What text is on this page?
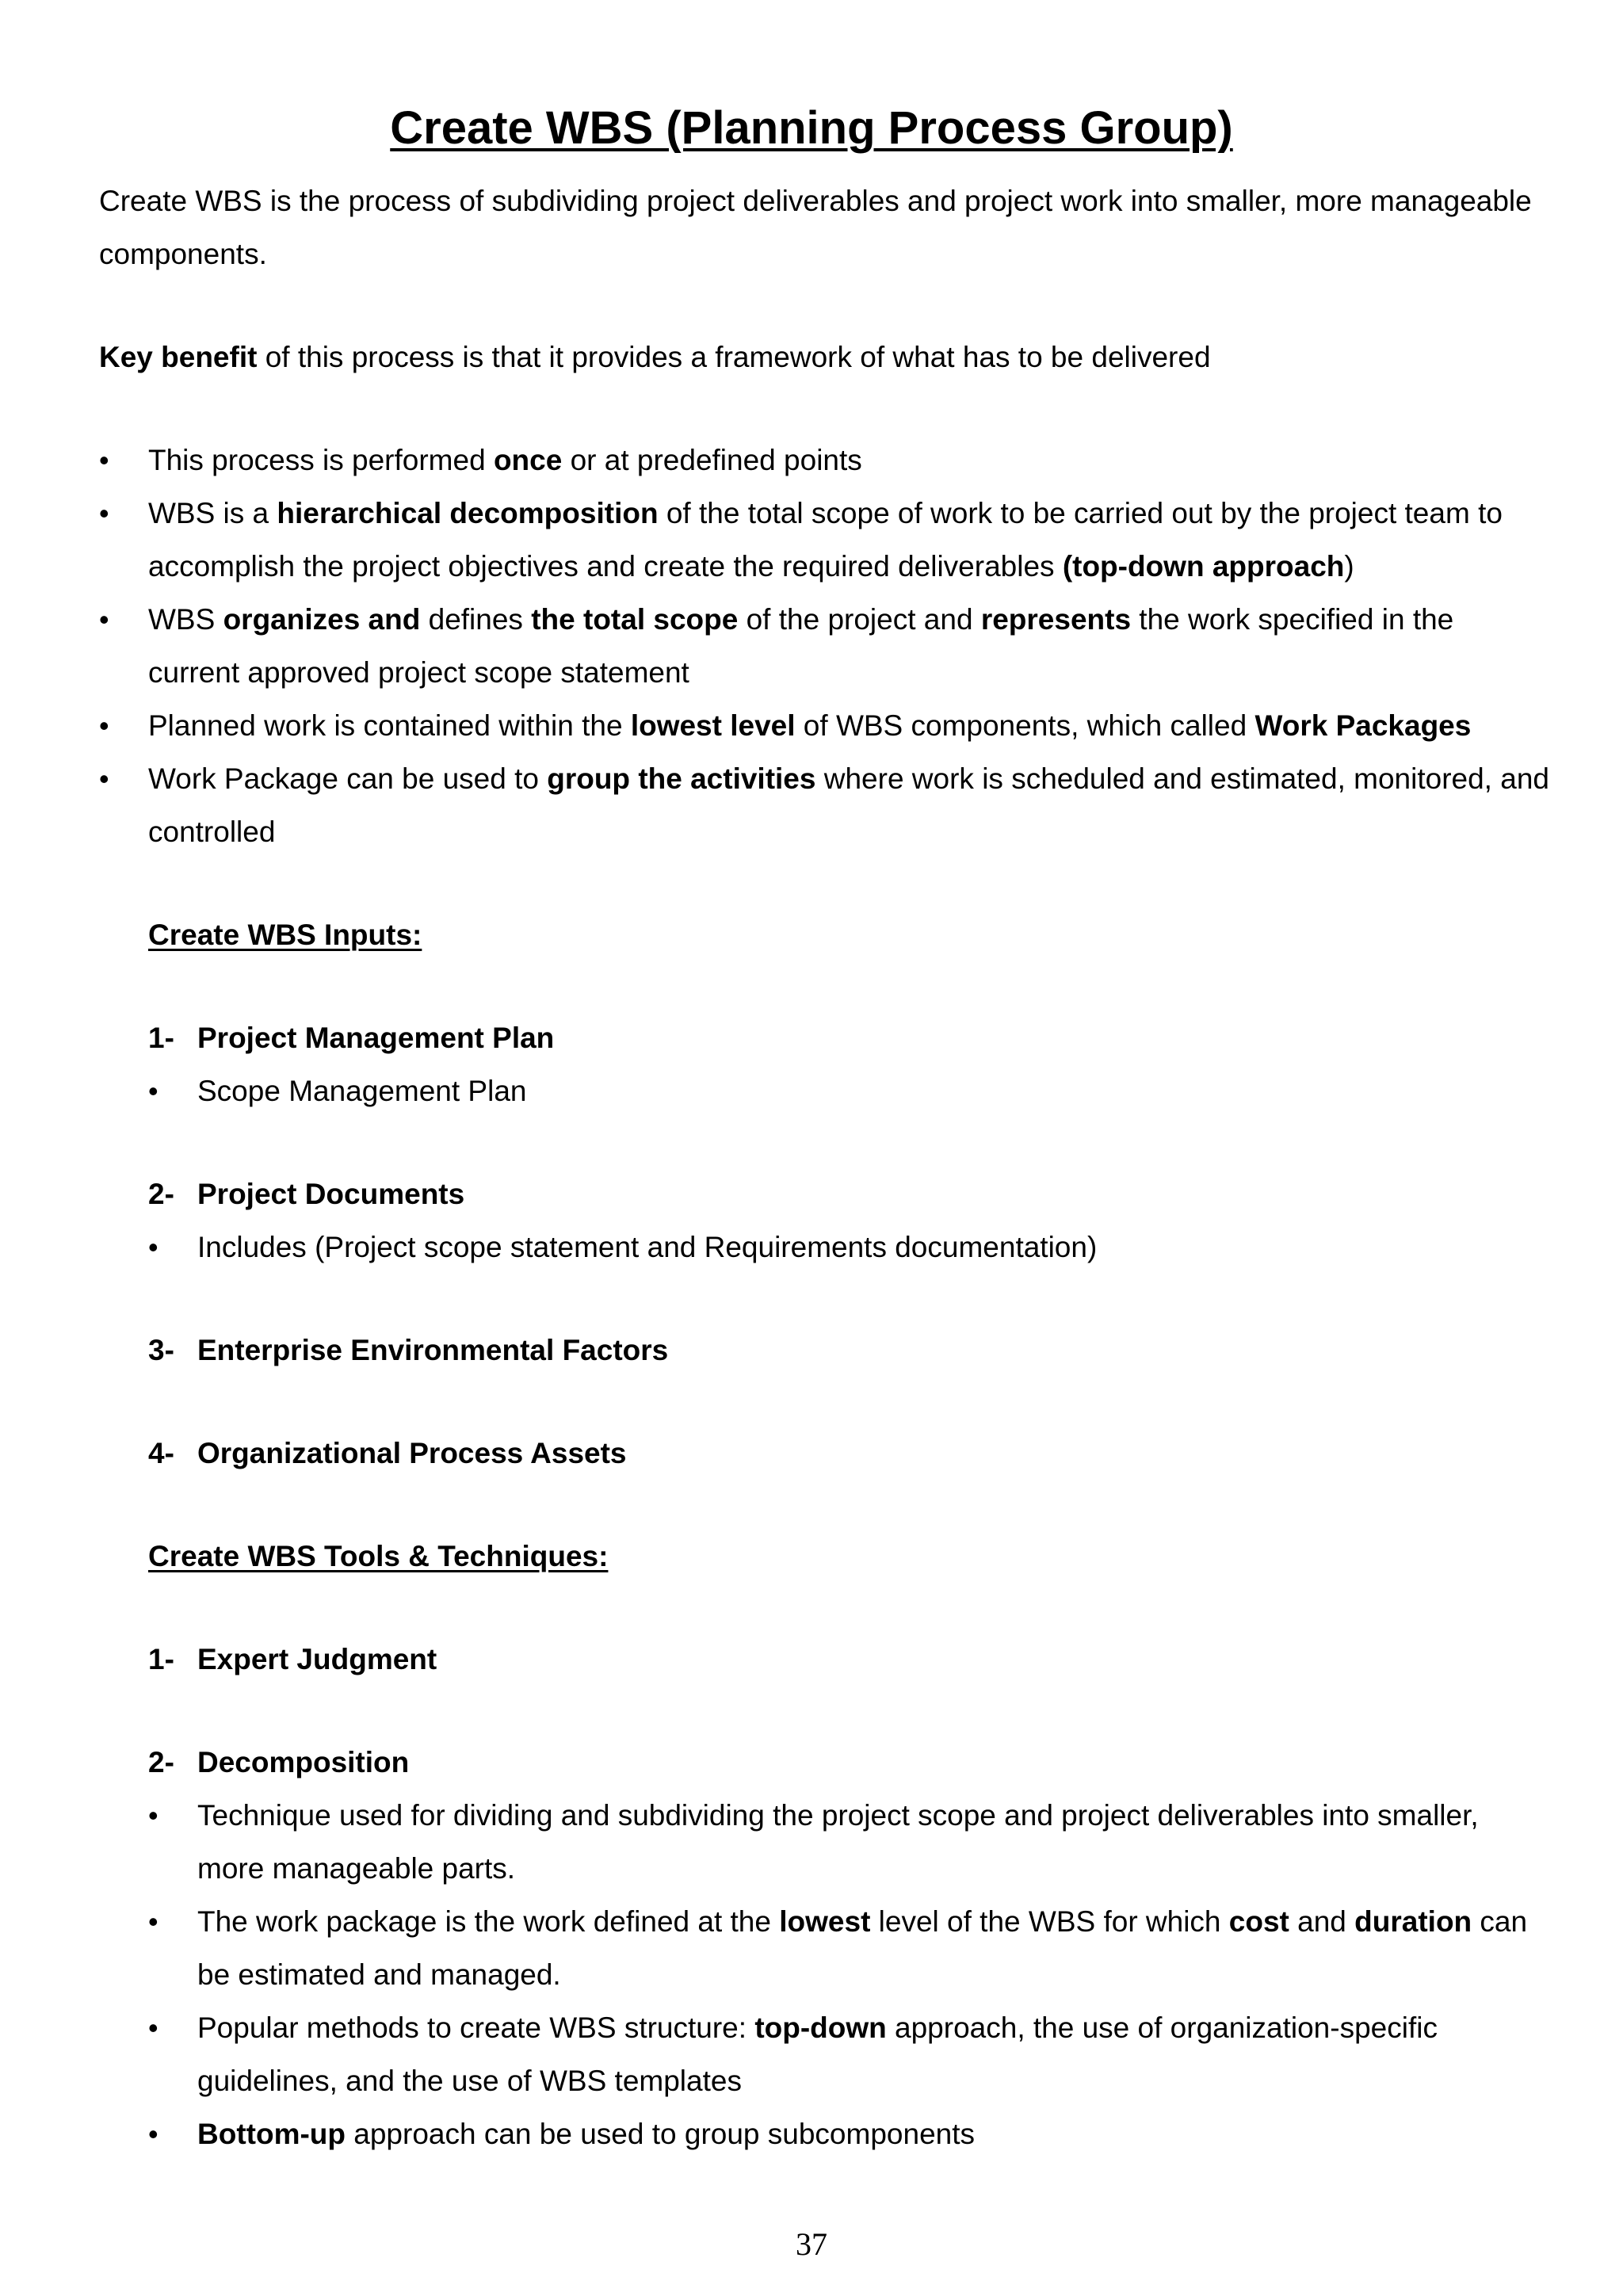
Create WBS (Planning Process Group)

Create WBS is the process of subdividing project deliverables and project work into smaller, more manageable components.

Key benefit of this process is that it provides a framework of what has to be delivered

• This process is performed once or at predefined points
• WBS is a hierarchical decomposition of the total scope of work to be carried out by the project team to accomplish the project objectives and create the required deliverables (top-down approach)
• WBS organizes and defines the total scope of the project and represents the work specified in the current approved project scope statement
• Planned work is contained within the lowest level of WBS components, which called Work Packages
• Work Package can be used to group the activities where work is scheduled and estimated, monitored, and controlled
Create WBS Inputs:
1- Project Management Plan
• Scope Management Plan
2- Project Documents
• Includes (Project scope statement and Requirements documentation)
3- Enterprise Environmental Factors
4- Organizational Process Assets
Create WBS Tools & Techniques:
1- Expert Judgment
2- Decomposition
• Technique used for dividing and subdividing the project scope and project deliverables into smaller, more manageable parts.
• The work package is the work defined at the lowest level of the WBS for which cost and duration can be estimated and managed.
• Popular methods to create WBS structure: top-down approach, the use of organization-specific guidelines, and the use of WBS templates
• Bottom-up approach can be used to group subcomponents
37
